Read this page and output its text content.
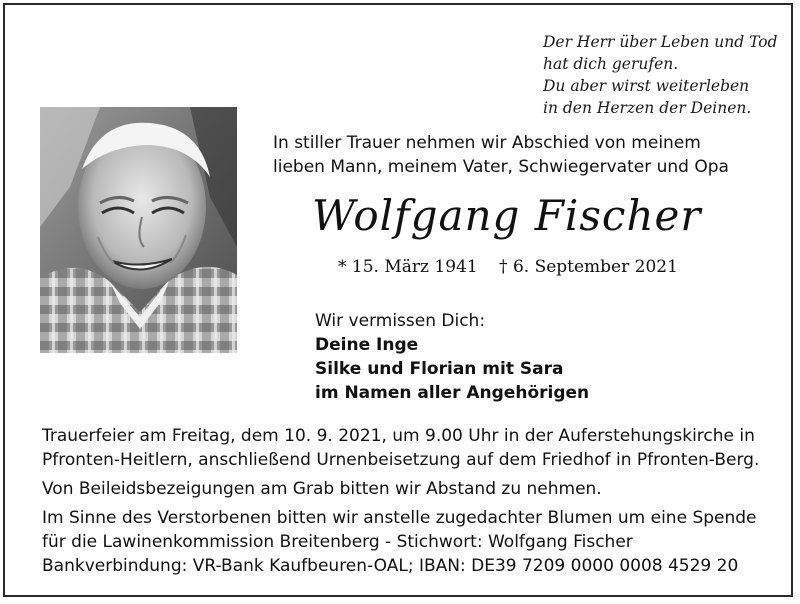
Der Herr über Leben und Tod
hat dich gerufen.
Du aber wirst weiterleben
in den Herzen der Deinen.
In stiller Trauer nehmen wir Abschied von meinem
lieben Mann, meinem Vater, Schwiegervater und Opa
Wolfgang Fischer
* 15. März 1941 † 6. September 2021
Wir vermissen Dich:
Deine Inge
Silke und Florian mit Sara
im Namen aller Angehörigen
Trauerfeier am Freitag, dem 10. 9. 2021, um 9.00 Uhr in der Auferstehungskirche in
Pfronten-Heitlern, anschließend Urnenbeisetzung auf dem Friedhof in Pfronten-Berg.
Von Beileidsbezeigungen am Grab bitten wir Abstand zu nehmen.
Im Sinne des Verstorbenen bitten wir anstelle zugedachter Blumen um eine Spende
für die Lawinenkommission Breitenberg - Stichwort: Wolfgang Fischer
Bankverbindung: VR-Bank Kaufbeuren-OAL; IBAN: DE39 7209 0000 0008 4529 20
